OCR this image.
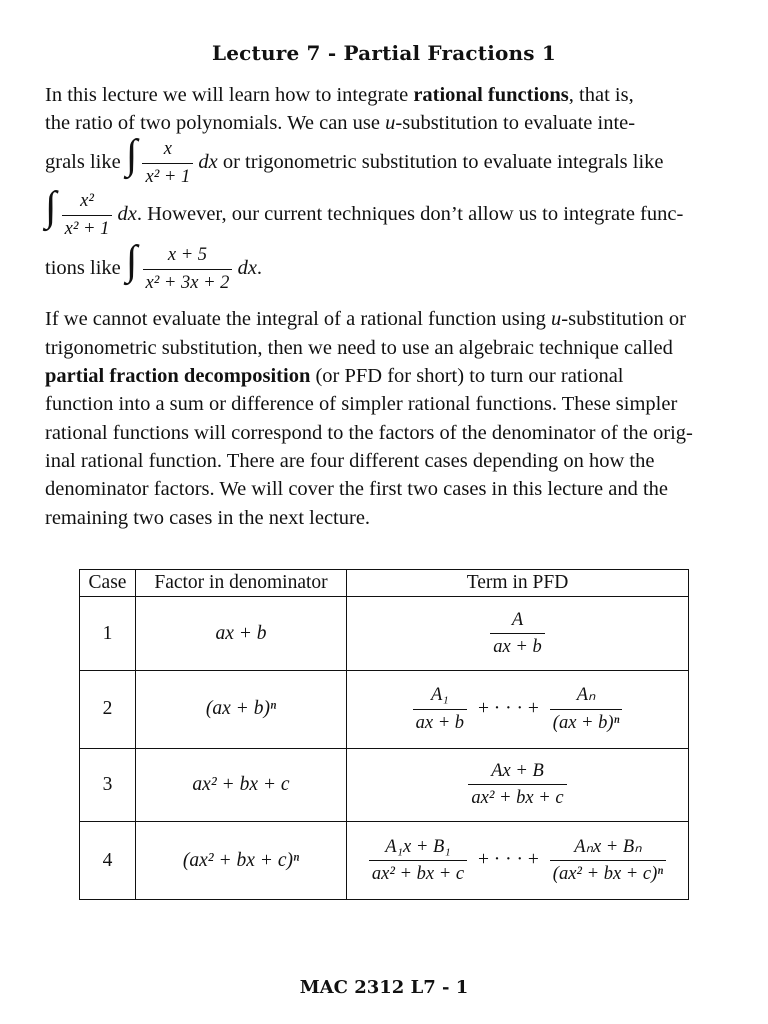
Lecture 7 - Partial Fractions 1
In this lecture we will learn how to integrate rational functions, that is,
the ratio of two polynomials. We can use u-substitution to evaluate inte-
grals like ∫ $\frac{x}{\text{x² + 1}}$ dx or trigonometric substitution to evaluate integrals like
∫ $\frac{\text{x²}}{\text{x² + 1}}$ dx. However, our current techniques don’t allow us to integrate func-
tions like ∫ $\frac{x + 5}{\text{x² + 3x + 2}}$ dx.
If we cannot evaluate the integral of a rational function using u-substitution or
trigonometric substitution, then we need to use an algebraic technique called
partial fraction decomposition (or PFD for short) to turn our rational
function into a sum or difference of simpler rational functions. These simpler
rational functions will correspond to the factors of the denominator of the orig-
inal rational function. There are four different cases depending on how the
denominator factors. We will cover the first two cases in this lecture and the
remaining two cases in the next lecture.
Case	Factor in denominator	Term in PFD
1	ax + b	$\frac{A}{ax + b}$

2	(ax + b)ⁿ	$\frac{\text{A₁}}{ax + b}$ + · · · + $\frac{\text{Aₙ}}{\text{(ax + b)ⁿ}}$

3	ax² + bx + c	$\frac{Ax + B}{\text{ax² + bx + c}}$

4	(ax² + bx + c)ⁿ	$\frac{\text{A₁x + B₁}}{\text{ax² + bx + c}}$ + · · · + $\frac{\text{Aₙx + Bₙ}}{\text{(ax² + bx + c)ⁿ}}$
MAC 2312 L7 - 1
